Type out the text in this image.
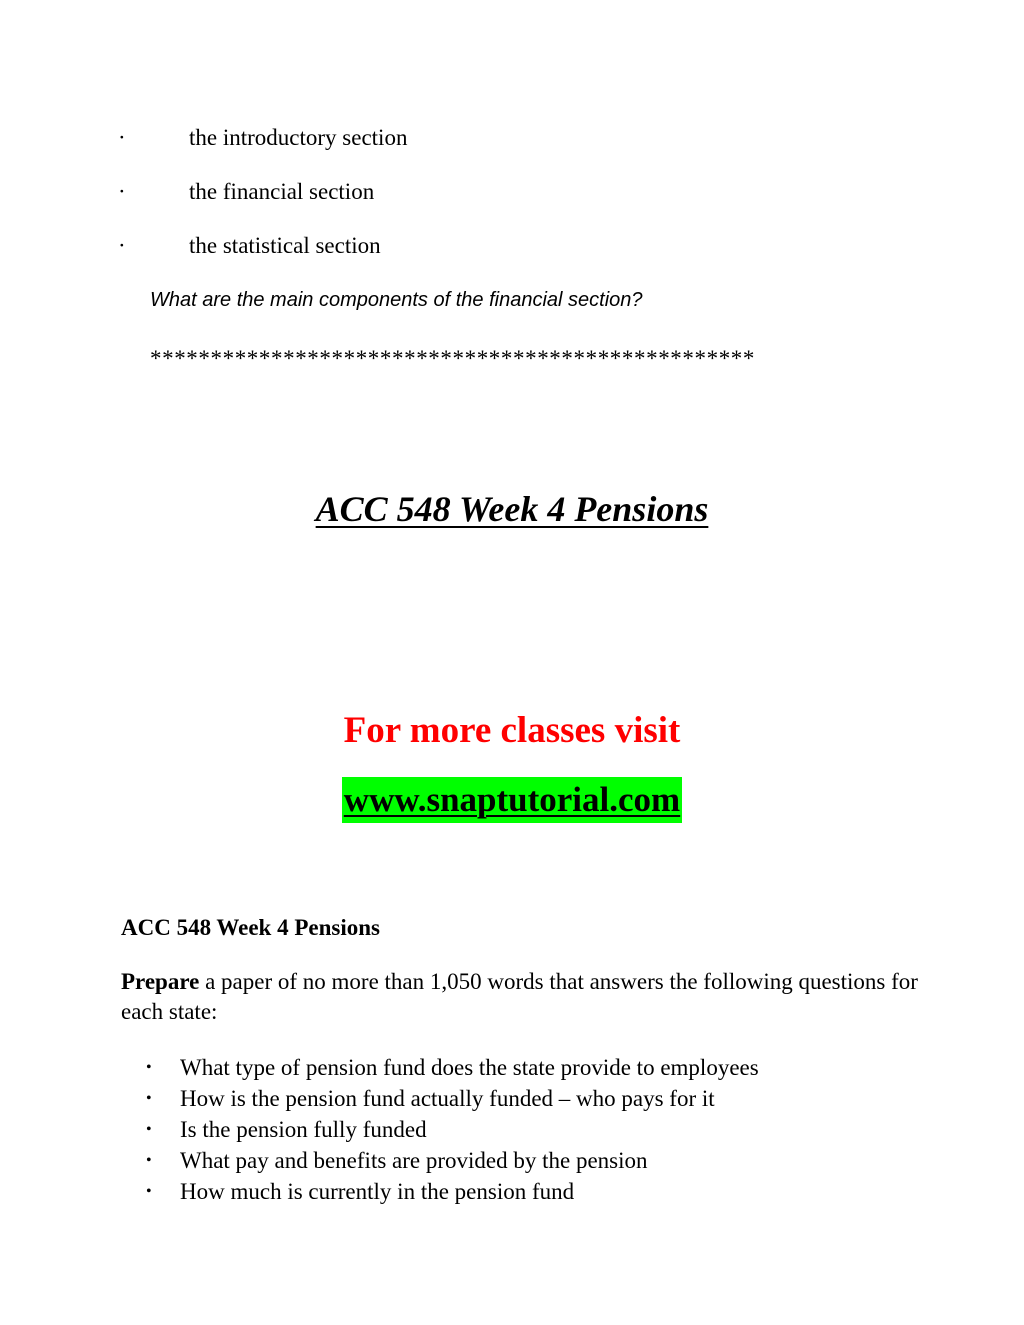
·	the introductory section
·	the financial section
·	the statistical section
What are the main components of the financial section?
**************************************************
ACC 548 Week 4 Pensions
For more classes visit
www.snaptutorial.com
ACC 548 Week 4 Pensions
Prepare a paper of no more than 1,050 words that answers the following questions for each state:
• What type of pension fund does the state provide to employees
• How is the pension fund actually funded – who pays for it
• Is the pension fully funded
• What pay and benefits are provided by the pension
• How much is currently in the pension fund
